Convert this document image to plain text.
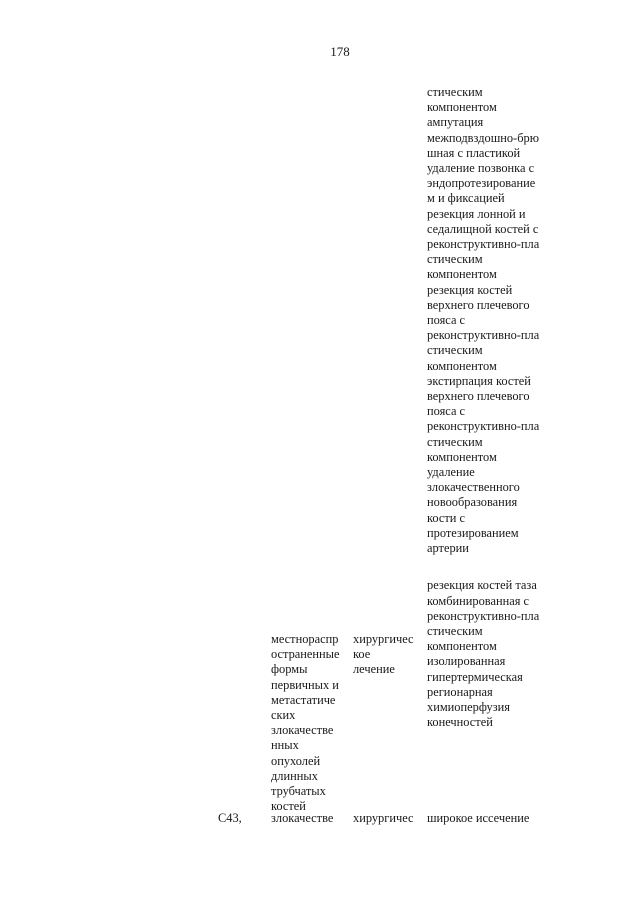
178
стическим
компонентом
ампутация
межподвздошно-брю
шная с пластикой
удаление позвонка с
эндопротезирование
м и фиксацией
резекция лонной и
седалищной костей с
реконструктивно-пла
стическим
компонентом
резекция костей
верхнего плечевого
пояса с
реконструктивно-пла
стическим
компонентом
экстирпация костей
верхнего плечевого
пояса с
реконструктивно-пла
стическим
компонентом
удаление
злокачественного
новообразования
кости с
протезированием
артерии
резекция костей таза
комбинированная с
реконструктивно-пла
стическим
компонентом
изолированная
гипертермическая
регионарная
химиоперфузия
конечностей
местнораспр
остраненные
формы
первичных и
метастатиче
ских
злокачестве
нных
опухолей
длинных
трубчатых
костей
хирургичес
кое
лечение
С43, злокачестве хирургичес широкое иссечение
